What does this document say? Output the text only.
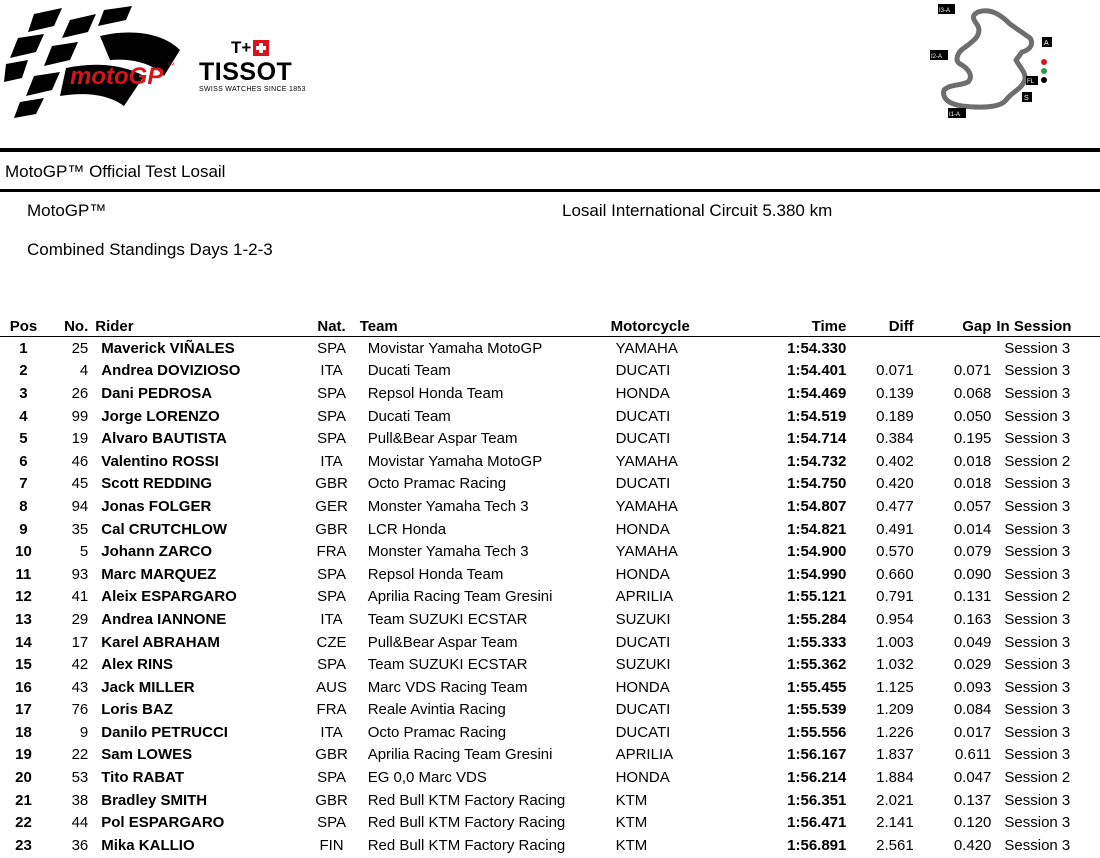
motoGP ™
T+
TISSOT
SWISS WATCHES SINCE 1853
I3-A
A
I2-A
FL
S
I1-A
MotoGP™ Official Test Losail
MotoGP™	Losail International Circuit 5.380 km
Combined Standings Days 1-2-3
Pos	No.	Rider	Nat.	Team	Motorcycle	Time	Diff	Gap	In Session
1	25	Maverick VIÑALES	SPA	Movistar Yamaha MotoGP	YAMAHA	1:54.330			Session 3
2	4	Andrea DOVIZIOSO	ITA	Ducati Team	DUCATI	1:54.401	0.071	0.071	Session 3
3	26	Dani PEDROSA	SPA	Repsol Honda Team	HONDA	1:54.469	0.139	0.068	Session 3
4	99	Jorge LORENZO	SPA	Ducati Team	DUCATI	1:54.519	0.189	0.050	Session 3
5	19	Alvaro BAUTISTA	SPA	Pull&Bear Aspar Team	DUCATI	1:54.714	0.384	0.195	Session 3
6	46	Valentino ROSSI	ITA	Movistar Yamaha MotoGP	YAMAHA	1:54.732	0.402	0.018	Session 2
7	45	Scott REDDING	GBR	Octo Pramac Racing	DUCATI	1:54.750	0.420	0.018	Session 3
8	94	Jonas FOLGER	GER	Monster Yamaha Tech 3	YAMAHA	1:54.807	0.477	0.057	Session 3
9	35	Cal CRUTCHLOW	GBR	LCR Honda	HONDA	1:54.821	0.491	0.014	Session 3
10	5	Johann ZARCO	FRA	Monster Yamaha Tech 3	YAMAHA	1:54.900	0.570	0.079	Session 3
11	93	Marc MARQUEZ	SPA	Repsol Honda Team	HONDA	1:54.990	0.660	0.090	Session 3
12	41	Aleix ESPARGARO	SPA	Aprilia Racing Team Gresini	APRILIA	1:55.121	0.791	0.131	Session 2
13	29	Andrea IANNONE	ITA	Team SUZUKI ECSTAR	SUZUKI	1:55.284	0.954	0.163	Session 3
14	17	Karel ABRAHAM	CZE	Pull&Bear Aspar Team	DUCATI	1:55.333	1.003	0.049	Session 3
15	42	Alex RINS	SPA	Team SUZUKI ECSTAR	SUZUKI	1:55.362	1.032	0.029	Session 3
16	43	Jack MILLER	AUS	Marc VDS Racing Team	HONDA	1:55.455	1.125	0.093	Session 3
17	76	Loris BAZ	FRA	Reale Avintia Racing	DUCATI	1:55.539	1.209	0.084	Session 3
18	9	Danilo PETRUCCI	ITA	Octo Pramac Racing	DUCATI	1:55.556	1.226	0.017	Session 3
19	22	Sam LOWES	GBR	Aprilia Racing Team Gresini	APRILIA	1:56.167	1.837	0.611	Session 3
20	53	Tito RABAT	SPA	EG 0,0 Marc VDS	HONDA	1:56.214	1.884	0.047	Session 2
21	38	Bradley SMITH	GBR	Red Bull KTM Factory Racing	KTM	1:56.351	2.021	0.137	Session 3
22	44	Pol ESPARGARO	SPA	Red Bull KTM Factory Racing	KTM	1:56.471	2.141	0.120	Session 3
23	36	Mika KALLIO	FIN	Red Bull KTM Factory Racing	KTM	1:56.891	2.561	0.420	Session 3
